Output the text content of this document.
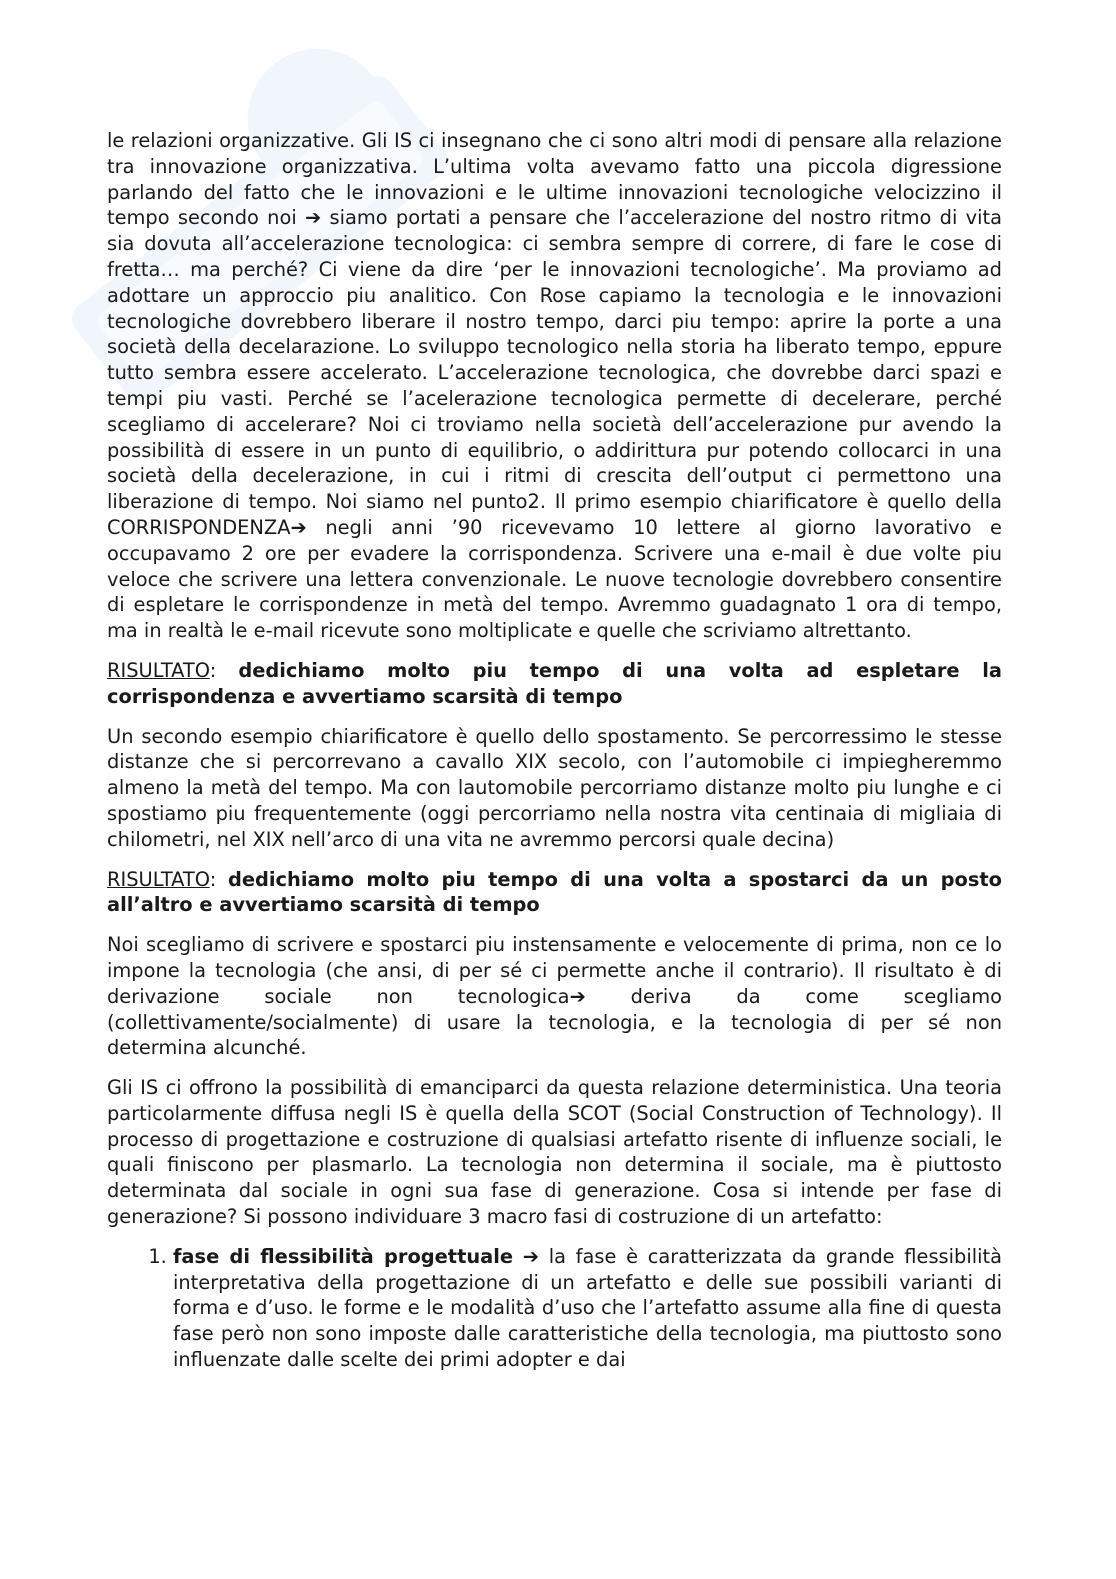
le relazioni organizzative. Gli IS ci insegnano che ci sono altri modi di pensare alla relazione tra innovazione organizzativa. L’ultima volta avevamo fatto una piccola digressione parlando del fatto che le innovazioni e le ultime innovazioni tecnologiche velocizzino il tempo secondo noi ➔ siamo portati a pensare che l’accelerazione del nostro ritmo di vita sia dovuta all’accelerazione tecnologica: ci sembra sempre di correre, di fare le cose di fretta… ma perché? Ci viene da dire ‘per le innovazioni tecnologiche’. Ma proviamo ad adottare un approccio piu analitico. Con Rose capiamo la tecnologia e le innovazioni tecnologiche dovrebbero liberare il nostro tempo, darci piu tempo: aprire la porte a una società della decelarazione. Lo sviluppo tecnologico nella storia ha liberato tempo, eppure tutto sembra essere accelerato. L’accelerazione tecnologica, che dovrebbe darci spazi e tempi piu vasti. Perché se l’acelerazione tecnologica permette di decelerare, perché scegliamo di accelerare? Noi ci troviamo nella società dell’accelerazione pur avendo la possibilità di essere in un punto di equilibrio, o addirittura pur potendo collocarci in una società della decelerazione, in cui i ritmi di crescita dell’output ci permettono una liberazione di tempo. Noi siamo nel punto2. Il primo esempio chiarificatore è quello della CORRISPONDENZA➔ negli anni ’90 ricevevamo 10 lettere al giorno lavorativo e occupavamo 2 ore per evadere la corrispondenza. Scrivere una e-mail è due volte piu veloce che scrivere una lettera convenzionale. Le nuove tecnologie dovrebbero consentire di espletare le corrispondenze in metà del tempo. Avremmo guadagnato 1 ora di tempo, ma in realtà le e-mail ricevute sono moltiplicate e quelle che scriviamo altrettanto.

RISULTATO: dedichiamo molto piu tempo di una volta ad espletare la corrispondenza e avvertiamo scarsità di tempo

Un secondo esempio chiarificatore è quello dello spostamento. Se percorressimo le stesse distanze che si percorrevano a cavallo XIX secolo, con l’automobile ci impiegheremmo almeno la metà del tempo. Ma con lautomobile percorriamo distanze molto piu lunghe e ci spostiamo piu frequentemente (oggi percorriamo nella nostra vita centinaia di migliaia di chilometri, nel XIX nell’arco di una vita ne avremmo percorsi quale decina)

RISULTATO: dedichiamo molto piu tempo di una volta a spostarci da un posto all’altro e avvertiamo scarsità di tempo

Noi scegliamo di scrivere e spostarci piu instensamente e velocemente di prima, non ce lo impone la tecnologia (che ansi, di per sé ci permette anche il contrario). Il risultato è di derivazione sociale non tecnologica➔ deriva da come scegliamo (collettivamente/socialmente) di usare la tecnologia, e la tecnologia di per sé non determina alcunché.

Gli IS ci offrono la possibilità di emanciparci da questa relazione deterministica. Una teoria particolarmente diffusa negli IS è quella della SCOT (Social Construction of Technology). Il processo di progettazione e costruzione di qualsiasi artefatto risente di influenze sociali, le quali finiscono per plasmarlo. La tecnologia non determina il sociale, ma è piuttosto determinata dal sociale in ogni sua fase di generazione. Cosa si intende per fase di generazione? Si possono individuare 3 macro fasi di costruzione di un artefatto:

1. fase di flessibilità progettuale ➔ la fase è caratterizzata da grande flessibilità interpretativa della progettazione di un artefatto e delle sue possibili varianti di forma e d’uso. le forme e le modalità d’uso che l’artefatto assume alla fine di questa fase però non sono imposte dalle caratteristiche della tecnologia, ma piuttosto sono influenzate dalle scelte dei primi adopter e dai
